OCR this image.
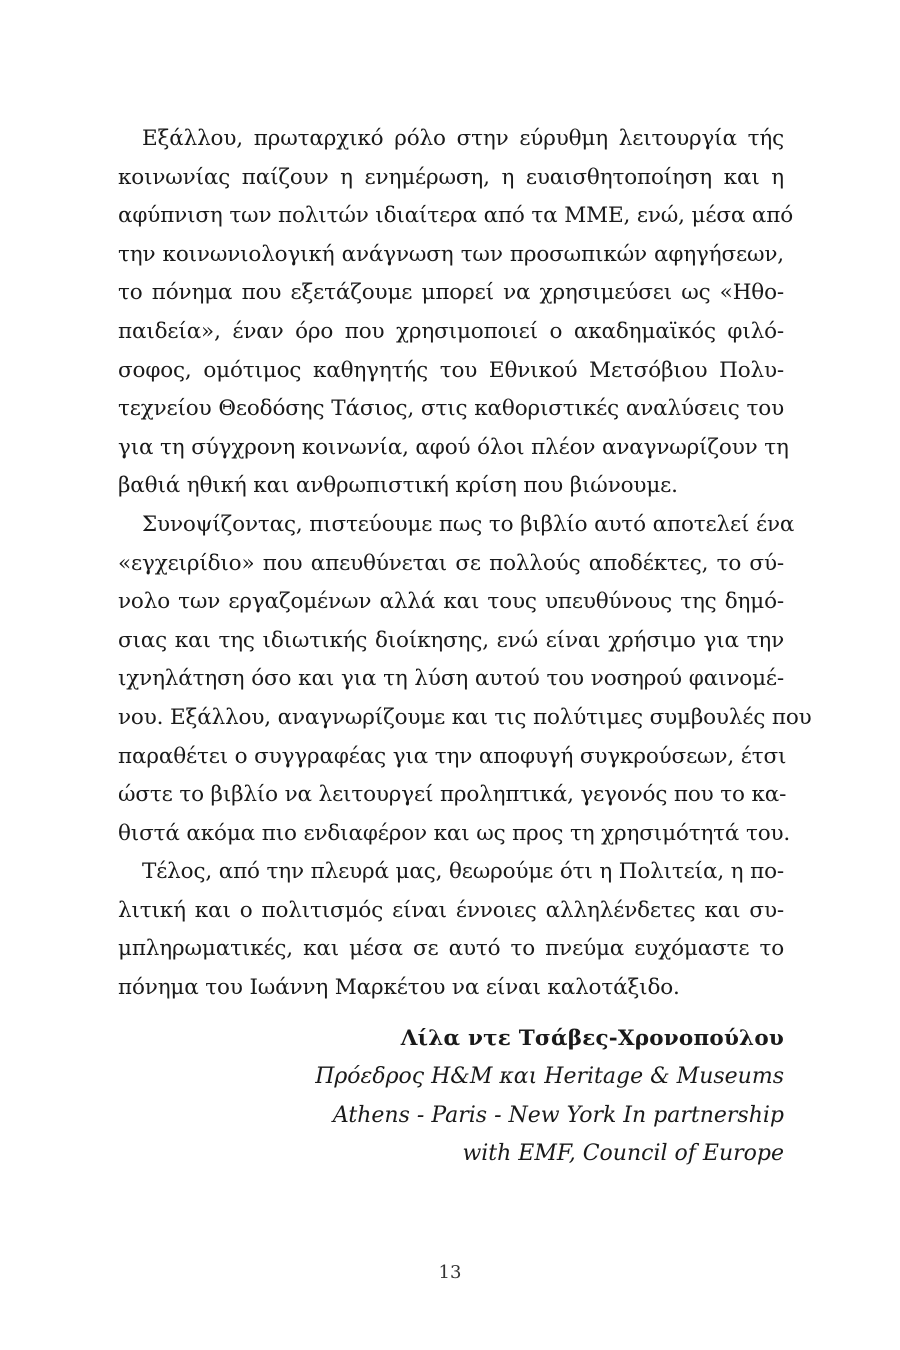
Εξάλλου, πρωταρχικό ρόλο στην εύρυθμη λειτουργία τής
κοινωνίας παίζουν η ενημέρωση, η ευαισθητοποίηση και η
αφύπνιση των πολιτών ιδιαίτερα από τα ΜΜΕ, ενώ, μέσα από
την κοινωνιολογική ανάγνωση των προσωπικών αφηγήσεων,
το πόνημα που εξετάζουμε μπορεί να χρησιμεύσει ως «Ηθο-
παιδεία», έναν όρο που χρησιμοποιεί ο ακαδημαϊκός φιλό-
σοφος, ομότιμος καθηγητής του Εθνικού Μετσόβιου Πολυ-
τεχνείου Θεοδόσης Τάσιος, στις καθοριστικές αναλύσεις του
για τη σύγχρονη κοινωνία, αφού όλοι πλέον αναγνωρίζουν τη
βαθιά ηθική και ανθρωπιστική κρίση που βιώνουμε.
Συνοψίζοντας, πιστεύουμε πως το βιβλίο αυτό αποτελεί ένα
«εγχειρίδιο» που απευθύνεται σε πολλούς αποδέκτες, το σύ-
νολο των εργαζομένων αλλά και τους υπευθύνους της δημό-
σιας και της ιδιωτικής διοίκησης, ενώ είναι χρήσιμο για την
ιχνηλάτηση όσο και για τη λύση αυτού του νοσηρού φαινομέ-
νου. Εξάλλου, αναγνωρίζουμε και τις πολύτιμες συμβουλές που
παραθέτει ο συγγραφέας για την αποφυγή συγκρούσεων, έτσι
ώστε το βιβλίο να λειτουργεί προληπτικά, γεγονός που το κα-
θιστά ακόμα πιο ενδιαφέρον και ως προς τη χρησιμότητά του.
Τέλος, από την πλευρά μας, θεωρούμε ότι η Πολιτεία, η πο-
λιτική και ο πολιτισμός είναι έννοιες αλληλένδετες και συ-
μπληρωματικές, και μέσα σε αυτό το πνεύμα ευχόμαστε το
πόνημα του Ιωάννη Μαρκέτου να είναι καλοτάξιδο.
Λίλα ντε Τσάβες-Χρονοπούλου
Πρόεδρος H&M και Heritage & Museums
Athens - Paris - New York In partnership
with EMF, Council of Europe
13
